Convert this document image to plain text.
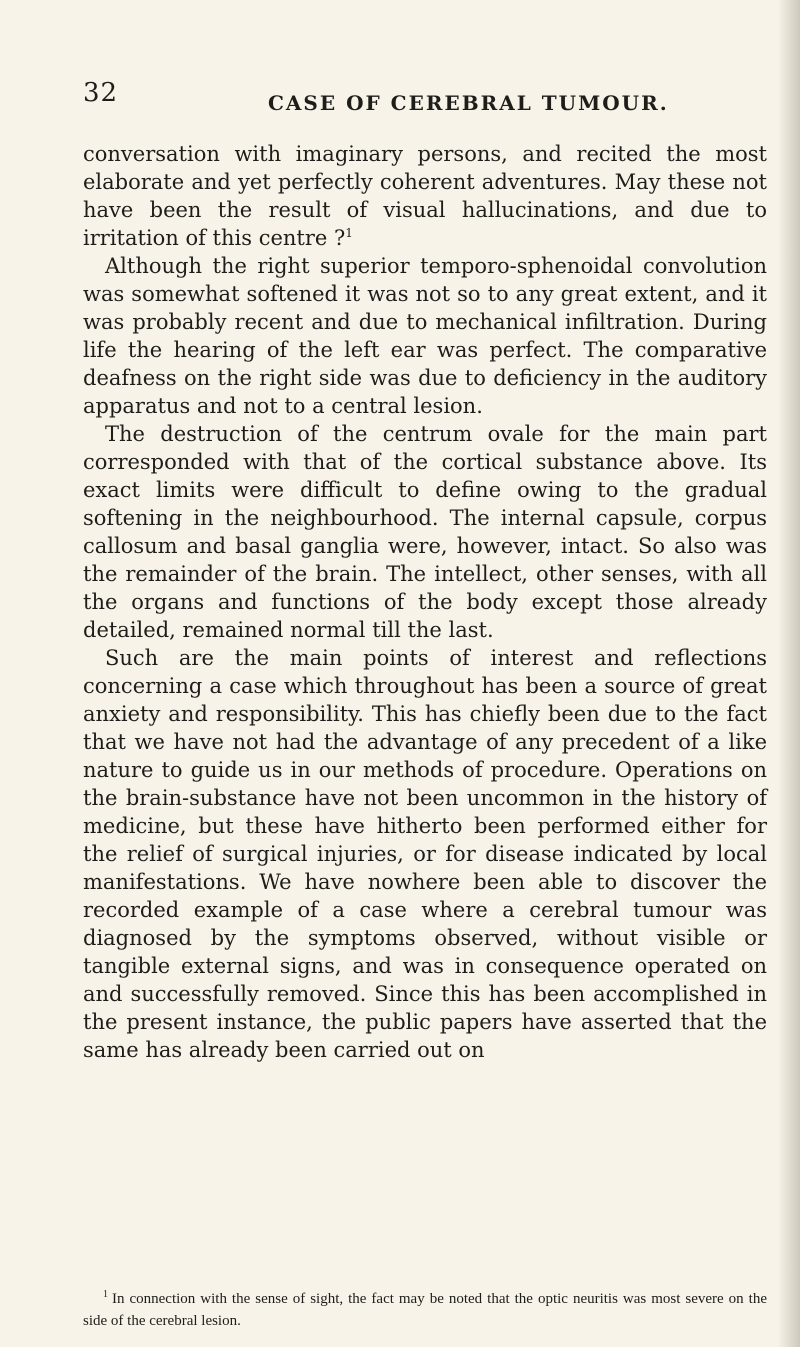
32	CASE OF CEREBRAL TUMOUR.

conversation with imaginary persons, and recited the most elaborate and yet perfectly coherent adventures. May these not have been the result of visual hallucinations, and due to irritation of this centre ?$^1$

Although the right superior temporo-sphenoidal convolution was somewhat softened it was not so to any great extent, and it was probably recent and due to mechanical infiltration. During life the hearing of the left ear was perfect. The comparative deafness on the right side was due to deficiency in the auditory apparatus and not to a central lesion.

The destruction of the centrum ovale for the main part corresponded with that of the cortical substance above. Its exact limits were difficult to define owing to the gradual softening in the neighbourhood. The internal capsule, corpus callosum and basal ganglia were, however, intact. So also was the remainder of the brain. The intellect, other senses, with all the organs and functions of the body except those already detailed, remained normal till the last.

Such are the main points of interest and reflections concerning a case which throughout has been a source of great anxiety and responsibility. This has chiefly been due to the fact that we have not had the advantage of any precedent of a like nature to guide us in our methods of procedure. Operations on the brain-substance have not been uncommon in the history of medicine, but these have hitherto been performed either for the relief of surgical injuries, or for disease indicated by local manifestations. We have nowhere been able to discover the recorded example of a case where a cerebral tumour was diagnosed by the symptoms observed, without visible or tangible external signs, and was in consequence operated on and successfully removed. Since this has been accomplished in the present instance, the public papers have asserted that the same has already been carried out on

$^1$ In connection with the sense of sight, the fact may be noted that the optic neuritis was most severe on the side of the cerebral lesion.
